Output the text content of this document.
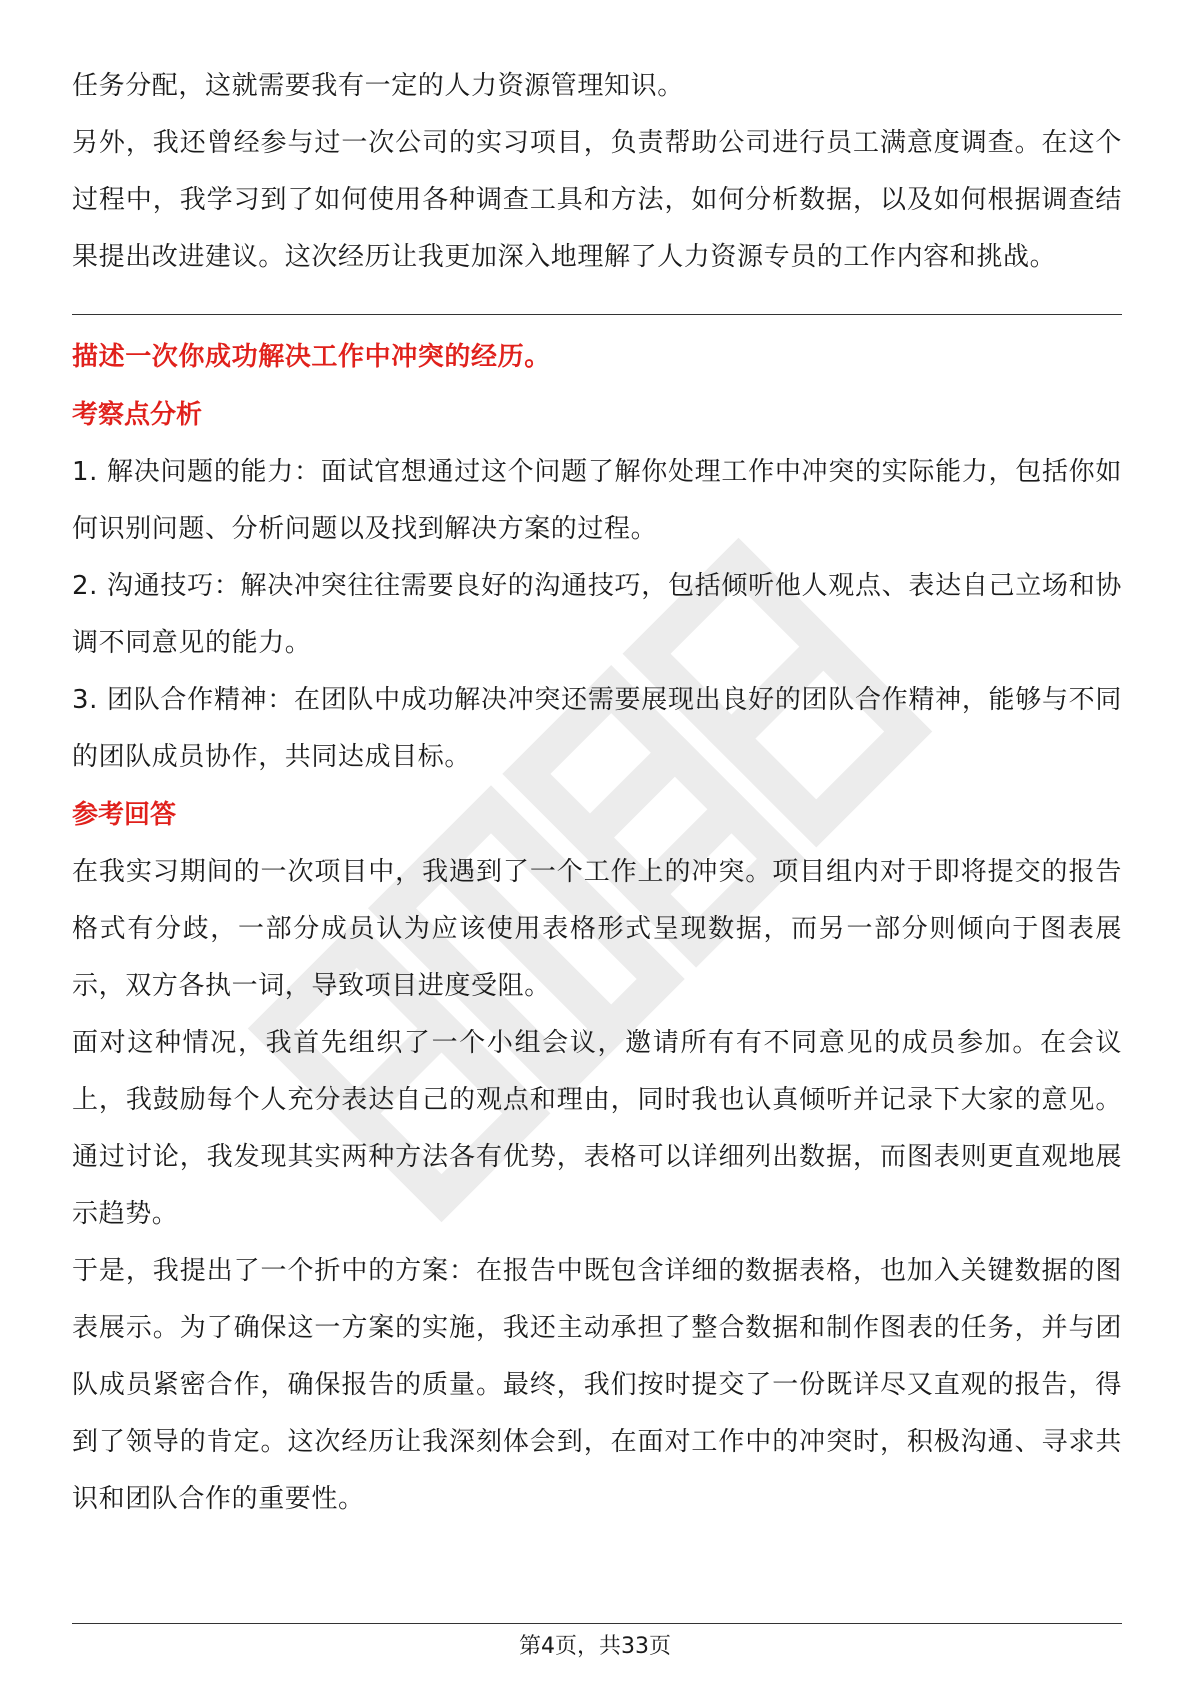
任务分配，这就需要我有一定的人力资源管理知识。

另外，我还曾经参与过一次公司的实习项目，负责帮助公司进行员工满意度调查。在这个过程中，我学习到了如何使用各种调查工具和方法，如何分析数据，以及如何根据调查结果提出改进建议。这次经历让我更加深入地理解了人力资源专员的工作内容和挑战。

描述一次你成功解决工作中冲突的经历。

考察点分析

1. 解决问题的能力：面试官想通过这个问题了解你处理工作中冲突的实际能力，包括你如何识别问题、分析问题以及找到解决方案的过程。

2. 沟通技巧：解决冲突往往需要良好的沟通技巧，包括倾听他人观点、表达自己立场和协调不同意见的能力。

3. 团队合作精神：在团队中成功解决冲突还需要展现出良好的团队合作精神，能够与不同的团队成员协作，共同达成目标。

参考回答

在我实习期间的一次项目中，我遇到了一个工作上的冲突。项目组内对于即将提交的报告格式有分歧，一部分成员认为应该使用表格形式呈现数据，而另一部分则倾向于图表展示，双方各执一词，导致项目进度受阻。

面对这种情况，我首先组织了一个小组会议，邀请所有有不同意见的成员参加。在会议上，我鼓励每个人充分表达自己的观点和理由，同时我也认真倾听并记录下大家的意见。通过讨论，我发现其实两种方法各有优势，表格可以详细列出数据，而图表则更直观地展示趋势。

于是，我提出了一个折中的方案：在报告中既包含详细的数据表格，也加入关键数据的图表展示。为了确保这一方案的实施，我还主动承担了整合数据和制作图表的任务，并与团队成员紧密合作，确保报告的质量。最终，我们按时提交了一份既详尽又直观的报告，得到了领导的肯定。这次经历让我深刻体会到，在面对工作中的冲突时，积极沟通、寻求共识和团队合作的重要性。

第4页，共33页
